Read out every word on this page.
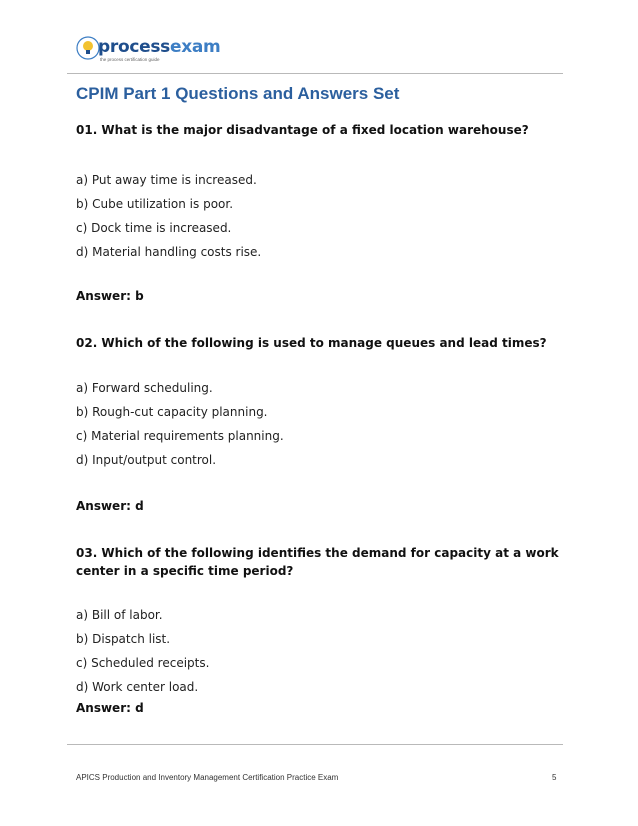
processexam
the process certification guide
CPIM Part 1 Questions and Answers Set

01. What is the major disadvantage of a fixed location warehouse?

a) Put away time is increased.

b) Cube utilization is poor.

c) Dock time is increased.

d) Material handling costs rise.

Answer: b

02. Which of the following is used to manage queues and lead times?

a) Forward scheduling.

b) Rough-cut capacity planning.

c) Material requirements planning.

d) Input/output control.

Answer: d

03. Which of the following identifies the demand for capacity at a work

center in a specific time period?

a) Bill of labor.

b) Dispatch list.

c) Scheduled receipts.

d) Work center load.

Answer: d

APICS Production and Inventory Management Certification Practice Exam	5
